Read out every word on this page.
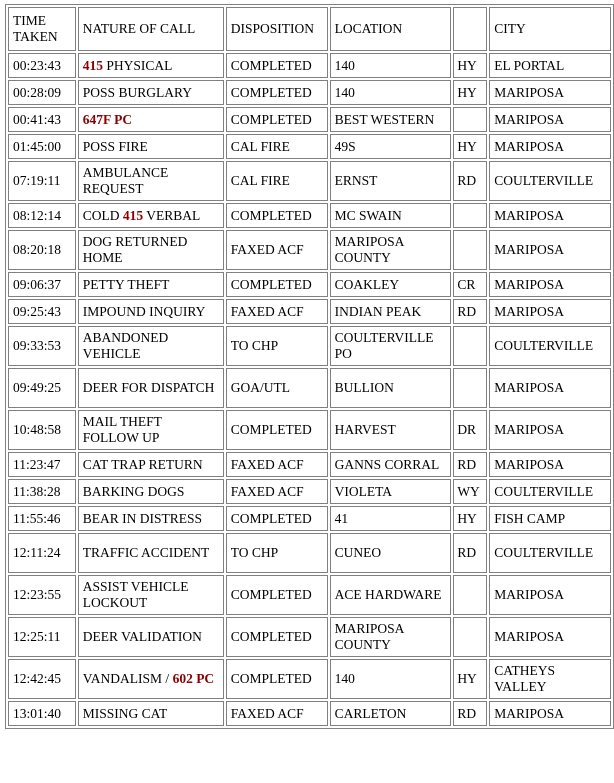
TIME TAKEN	NATURE OF CALL	DISPOSITION	LOCATION		CITY
00:23:43	415 PHYSICAL	COMPLETED	140	HY	EL PORTAL
00:28:09	POSS BURGLARY	COMPLETED	140	HY	MARIPOSA
00:41:43	647F PC	COMPLETED	BEST WESTERN		MARIPOSA
01:45:00	POSS FIRE	CAL FIRE	49S	HY	MARIPOSA
07:19:11	AMBULANCE REQUEST	CAL FIRE	ERNST	RD	COULTERVILLE
08:12:14	COLD 415 VERBAL	COMPLETED	MC SWAIN		MARIPOSA
08:20:18	DOG RETURNED HOME	FAXED ACF	MARIPOSA COUNTY		MARIPOSA
09:06:37	PETTY THEFT	COMPLETED	COAKLEY	CR	MARIPOSA
09:25:43	IMPOUND INQUIRY	FAXED ACF	INDIAN PEAK	RD	MARIPOSA
09:33:53	ABANDONED VEHICLE	TO CHP	COULTERVILLE PO		COULTERVILLE
09:49:25	DEER FOR DISPATCH	GOA/UTL	BULLION		MARIPOSA
10:48:58	MAIL THEFT FOLLOW UP	COMPLETED	HARVEST	DR	MARIPOSA
11:23:47	CAT TRAP RETURN	FAXED ACF	GANNS CORRAL	RD	MARIPOSA
11:38:28	BARKING DOGS	FAXED ACF	VIOLETA	WY	COULTERVILLE
11:55:46	BEAR IN DISTRESS	COMPLETED	41	HY	FISH CAMP
12:11:24	TRAFFIC ACCIDENT	TO CHP	CUNEO	RD	COULTERVILLE
12:23:55	ASSIST VEHICLE LOCKOUT	COMPLETED	ACE HARDWARE		MARIPOSA
12:25:11	DEER VALIDATION	COMPLETED	MARIPOSA COUNTY		MARIPOSA
12:42:45	VANDALISM / 602 PC	COMPLETED	140	HY	CATHEYS VALLEY
13:01:40	MISSING CAT	FAXED ACF	CARLETON	RD	MARIPOSA
